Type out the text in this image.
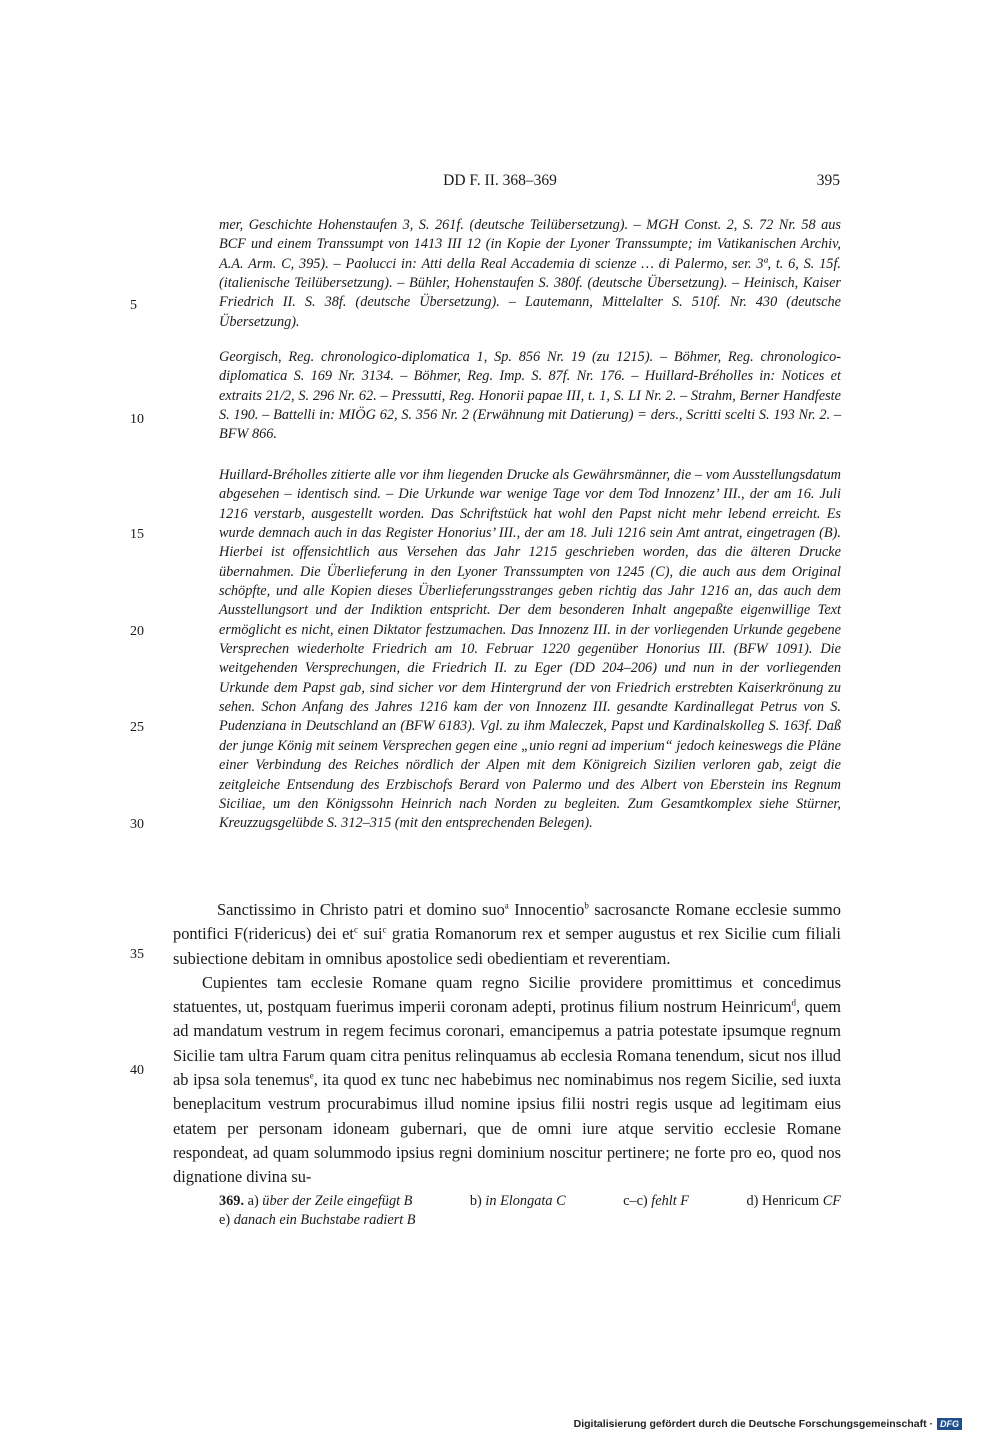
DD F. II. 368–369	395
5
10
15
20
25
30
35
40
mer, Geschichte Hohenstaufen 3, S. 261f. (deutsche Teilübersetzung). – MGH Const. 2, S. 72 Nr. 58 aus BCF und einem Transsumpt von 1413 III 12 (in Kopie der Lyoner Transsumpte; im Vatikanischen Archiv, A.A. Arm. C, 395). – Paolucci in: Atti della Real Accademia di scienze … di Palermo, ser. 3ª, t. 6, S. 15f. (italienische Teilübersetzung). – Bühler, Hohenstaufen S. 380f. (deutsche Übersetzung). – Heinisch, Kaiser Friedrich II. S. 38f. (deutsche Übersetzung). – Lautemann, Mittelalter S. 510f. Nr. 430 (deutsche Übersetzung).
Georgisch, Reg. chronologico-diplomatica 1, Sp. 856 Nr. 19 (zu 1215). – Böhmer, Reg. chronologico-diplomatica S. 169 Nr. 3134. – Böhmer, Reg. Imp. S. 87f. Nr. 176. – Huillard-Bréholles in: Notices et extraits 21/2, S. 296 Nr. 62. – Pressutti, Reg. Honorii papae III, t. 1, S. LI Nr. 2. – Strahm, Berner Handfeste S. 190. – Battelli in: MIÖG 62, S. 356 Nr. 2 (Erwähnung mit Datierung) = ders., Scritti scelti S. 193 Nr. 2. – BFW 866.
Huillard-Bréholles zitierte alle vor ihm liegenden Drucke als Gewährsmänner, die – vom Ausstellungsdatum abgesehen – identisch sind. – Die Urkunde war wenige Tage vor dem Tod Innozenz’ III., der am 16. Juli 1216 verstarb, ausgestellt worden. Das Schriftstück hat wohl den Papst nicht mehr lebend erreicht. Es wurde demnach auch in das Register Honorius’ III., der am 18. Juli 1216 sein Amt antrat, eingetragen (B). Hierbei ist offensichtlich aus Versehen das Jahr 1215 geschrieben worden, das die älteren Drucke übernahmen. Die Überlieferung in den Lyoner Transsumpten von 1245 (C), die auch aus dem Original schöpfte, und alle Kopien dieses Überlieferungsstranges geben richtig das Jahr 1216 an, das auch dem Ausstellungsort und der Indiktion entspricht. Der dem besonderen Inhalt angepaßte eigenwillige Text ermöglicht es nicht, einen Diktator festzumachen. Das Innozenz III. in der vorliegenden Urkunde gegebene Versprechen wiederholte Friedrich am 10. Februar 1220 gegenüber Honorius III. (BFW 1091). Die weitgehenden Versprechungen, die Friedrich II. zu Eger (DD 204–206) und nun in der vorliegenden Urkunde dem Papst gab, sind sicher vor dem Hintergrund der von Friedrich erstrebten Kaiserkrönung zu sehen. Schon Anfang des Jahres 1216 kam der von Innozenz III. gesandte Kardinallegat Petrus von S. Pudenziana in Deutschland an (BFW 6183). Vgl. zu ihm Maleczek, Papst und Kardinalskolleg S. 163f. Daß der junge König mit seinem Versprechen gegen eine „unio regni ad imperium“ jedoch keineswegs die Pläne einer Verbindung des Reiches nördlich der Alpen mit dem Königreich Sizilien verloren gab, zeigt die zeitgleiche Entsendung des Erzbischofs Berard von Palermo und des Albert von Eberstein ins Regnum Siciliae, um den Königssohn Heinrich nach Norden zu begleiten. Zum Gesamtkomplex siehe Stürner, Kreuzzugsgelübde S. 312–315 (mit den entsprechenden Belegen).

Sanctissimo in Christo patri et domino suo$^a$ Innocentio$^b$ sacrosancte Romane ecclesie summo pontifici F(ridericus) dei $et^c$ sui$^c$ gratia Romanorum rex et semper augustus et rex Sicilie cum filiali subiectione debitam in omnibus apostolice sedi obedientiam et reverentiam.

Cupientes tam ecclesie Romane quam regno Sicilie providere promittimus et concedimus statuentes, ut, postquam fuerimus imperii coronam adepti, protinus filium nostrum Heinricum$^d$, quem ad mandatum vestrum in regem fecimus coronari, emancipemus a patria potestate ipsumque regnum Sicilie tam ultra Farum quam citra penitus relinquamus ab ecclesia Romana tenendum, sicut nos illud ab ipsa sola tenemus$^e$, ita quod ex tunc nec habebimus nec nominabimus nos regem Sicilie, sed iuxta beneplacitum vestrum procurabimus illud nomine ipsius filii nostri regis usque ad legitimam eius etatem per personam idoneam gubernari, que de omni iure atque servitio ecclesie Romane respondeat, ad quam solummodo ipsius regni dominium noscitur pertinere; ne forte pro eo, quod nos dignatione divina su-

369. a) über der Zeile eingefügt B	b) in Elongata C	c–c) fehlt F	d) Henricum CF
e) danach ein Buchstabe radiert B
Digitalisierung gefördert durch die Deutsche Forschungsgemeinschaft · DFG
